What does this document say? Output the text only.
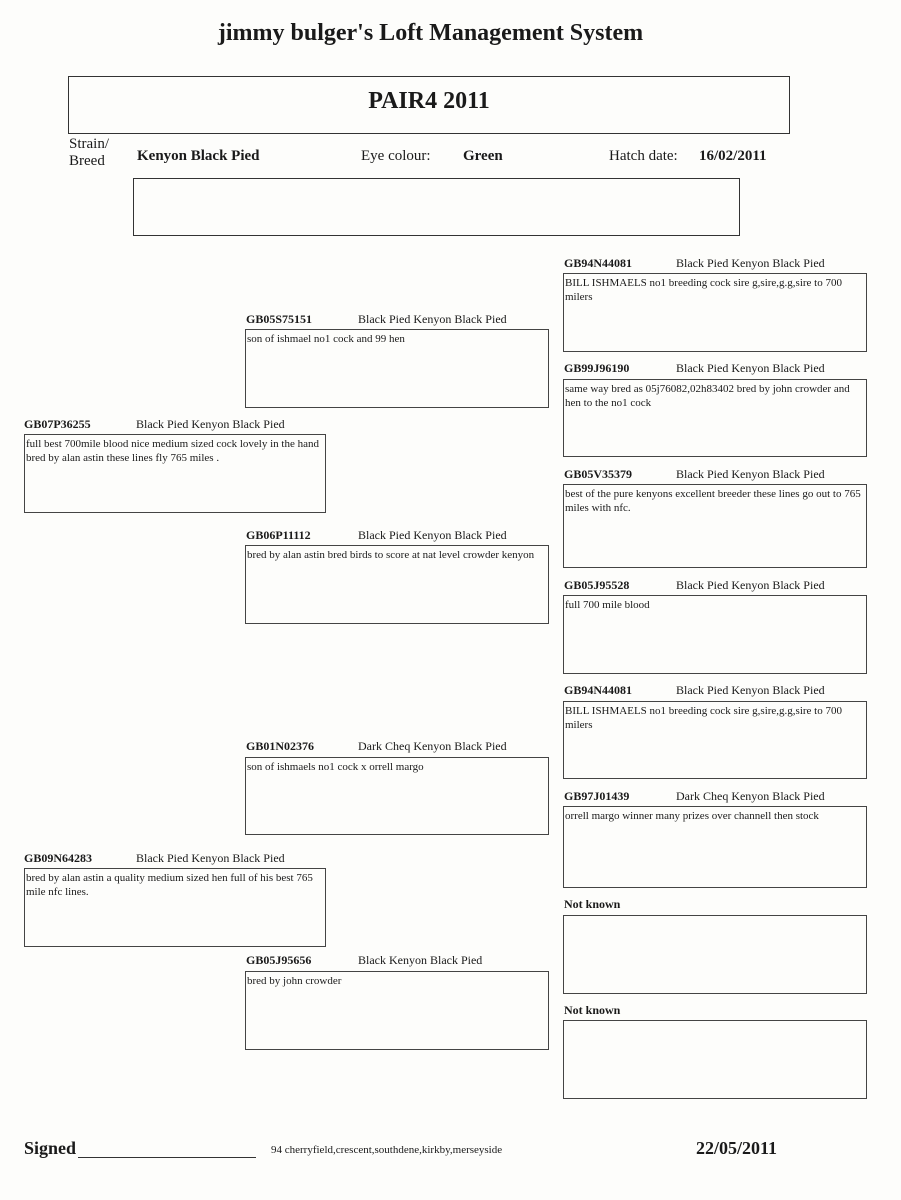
jimmy bulger's Loft Management System
PAIR4 2011
Strain/ Breed	Kenyon Black Pied	Eye colour: Green	Hatch date: 16/02/2011
GB07P36255	Black Pied Kenyon Black Pied
full best 700mile blood nice medium sized cock lovely in the hand bred by alan astin these lines fly 765 miles .
GB09N64283	Black Pied Kenyon Black Pied
bred by alan astin a quality medium sized hen full of his best 765 mile nfc lines.
GB05S75151	Black Pied Kenyon Black Pied
son of ishmael no1 cock and 99 hen
GB06P11112	Black Pied Kenyon Black Pied
bred by alan astin bred birds to score at nat level crowder kenyon
GB01N02376	Dark Cheq Kenyon Black Pied
son of ishmaels no1 cock x orrell margo
GB05J95656	Black Kenyon Black Pied
bred by john crowder
GB94N44081	Black Pied Kenyon Black Pied
BILL ISHMAELS no1 breeding cock sire g,sire,g.g,sire to 700 milers
GB99J96190	Black Pied Kenyon Black Pied
same way bred as 05j76082,02h83402 bred by john crowder and hen to the no1 cock
GB05V35379	Black Pied Kenyon Black Pied
best of the pure kenyons excellent breeder these lines go out to 765 miles with nfc.
GB05J95528	Black Pied Kenyon Black Pied
full 700 mile blood
GB94N44081	Black Pied Kenyon Black Pied
BILL ISHMAELS no1 breeding cock sire g,sire,g.g,sire to 700 milers
GB97J01439	Dark Cheq Kenyon Black Pied
orrell margo winner many prizes over channell then stock
Not known
Not known
Signed	94 cherryfield,crescent,southdene,kirkby,merseyside	22/05/2011
